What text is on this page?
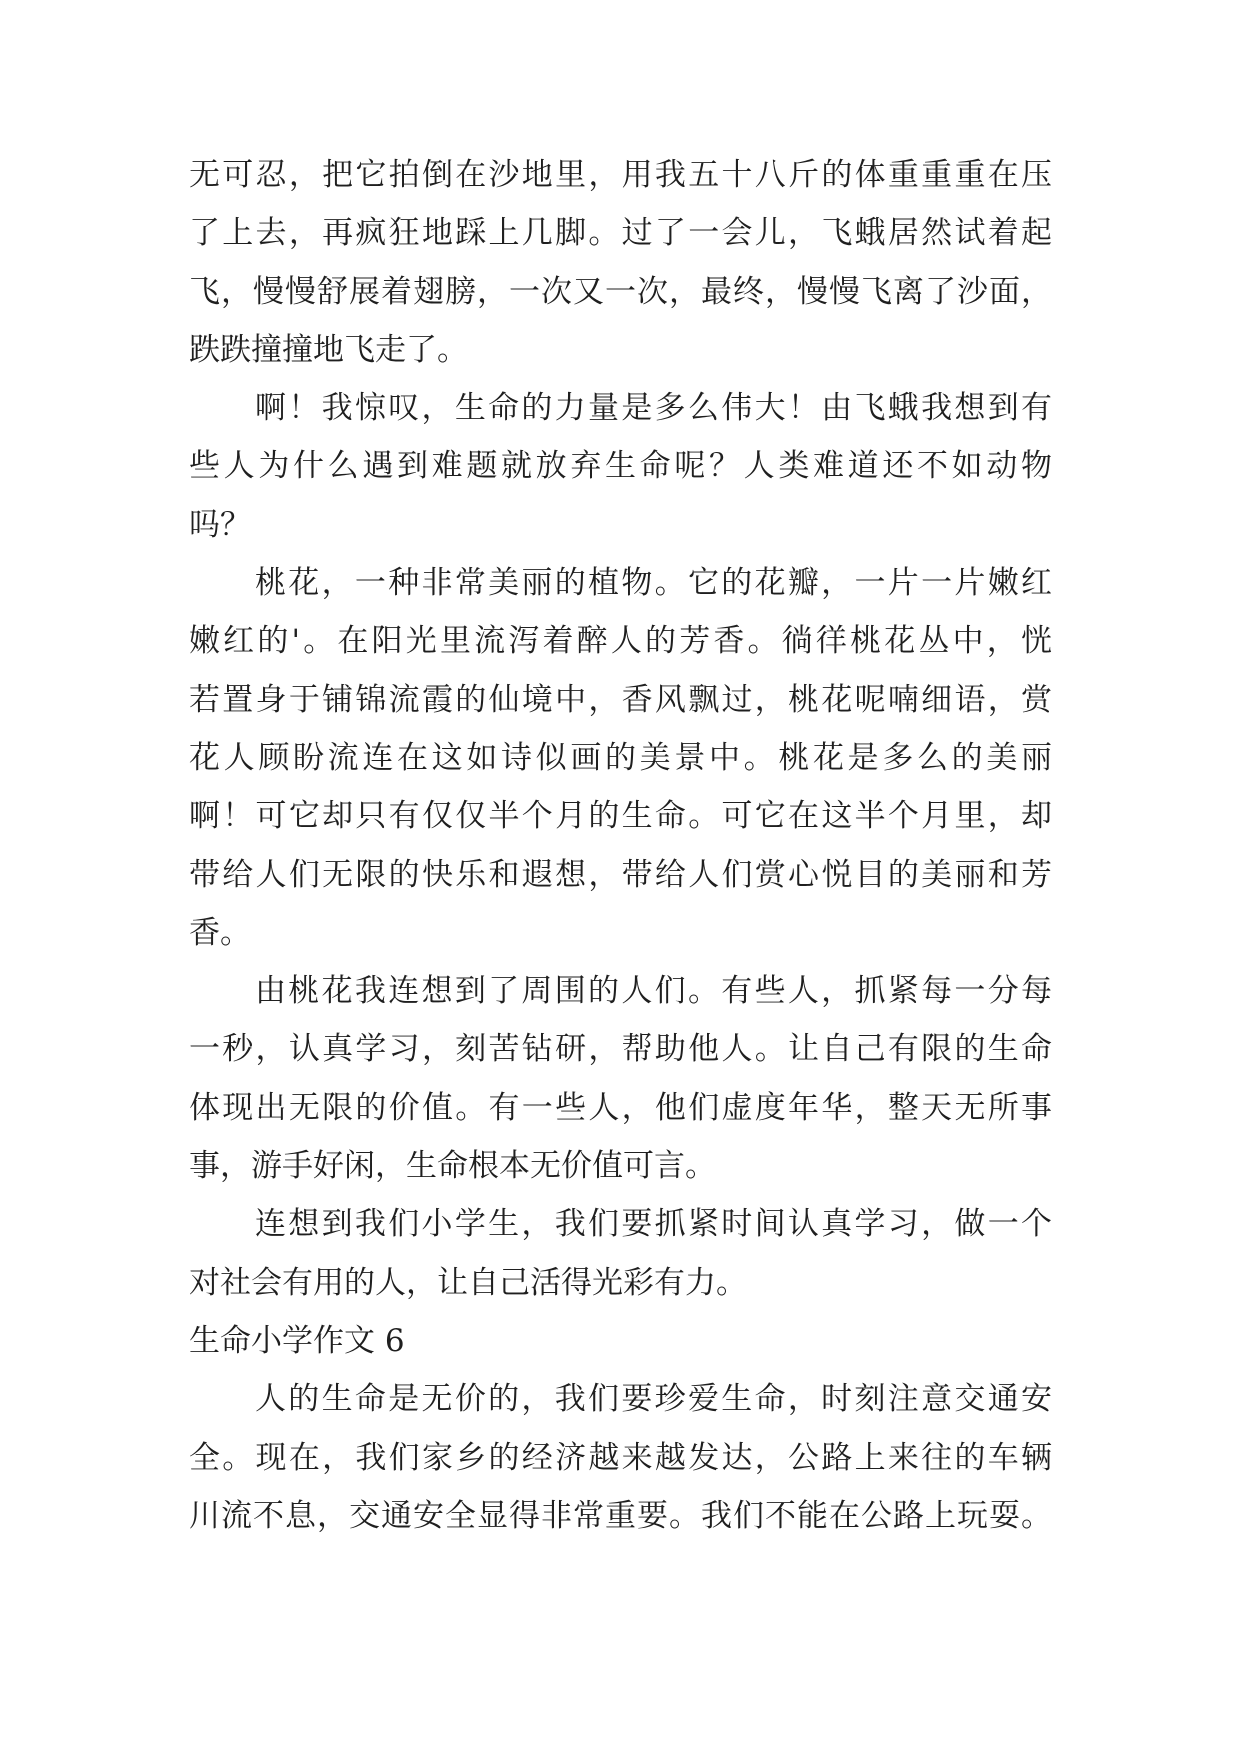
无可忍，把它拍倒在沙地里，用我五十八斤的体重重重在压
了上去，再疯狂地踩上几脚。过了一会儿，飞蛾居然试着起
飞，慢慢舒展着翅膀，一次又一次，最终，慢慢飞离了沙面，
跌跌撞撞地飞走了。
啊！我惊叹，生命的力量是多么伟大！由飞蛾我想到有
些人为什么遇到难题就放弃生命呢？人类难道还不如动物
吗？
桃花，一种非常美丽的植物。它的花瓣，一片一片嫩红
嫩红的'。在阳光里流泻着醉人的芳香。徜徉桃花丛中，恍
若置身于铺锦流霞的仙境中，香风飘过，桃花呢喃细语，赏
花人顾盼流连在这如诗似画的美景中。桃花是多么的美丽
啊！可它却只有仅仅半个月的生命。可它在这半个月里，却
带给人们无限的快乐和遐想，带给人们赏心悦目的美丽和芳
香。
由桃花我连想到了周围的人们。有些人，抓紧每一分每
一秒，认真学习，刻苦钻研，帮助他人。让自己有限的生命
体现出无限的价值。有一些人，他们虚度年华，整天无所事
事，游手好闲，生命根本无价值可言。
连想到我们小学生，我们要抓紧时间认真学习，做一个
对社会有用的人，让自己活得光彩有力。
生命小学作文 6
人的生命是无价的，我们要珍爱生命，时刻注意交通安
全。现在，我们家乡的经济越来越发达，公路上来往的车辆
川流不息，交通安全显得非常重要。我们不能在公路上玩耍。
